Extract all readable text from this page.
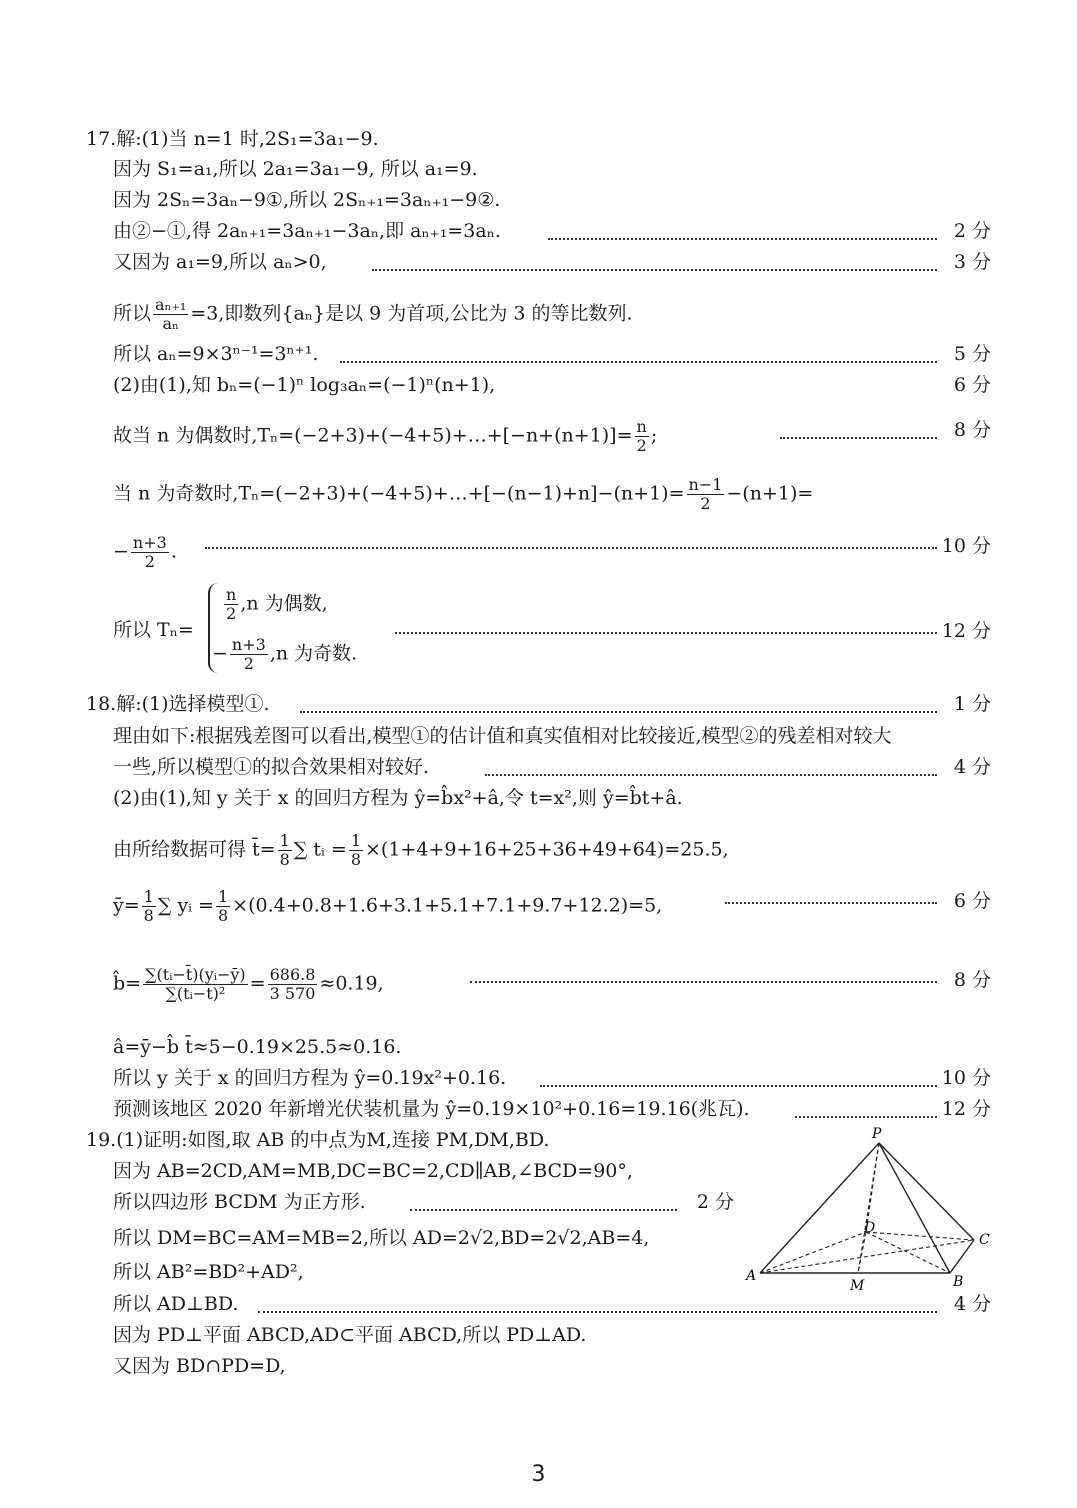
17.解:(1)当 n=1 时,2S₁=3a₁−9.
因为 S₁=a₁,所以 2a₁=3a₁−9, 所以 a₁=9.
因为 2Sₙ=3aₙ−9①,所以 2Sₙ₊₁=3aₙ₊₁−9②.
由②−①,得 2aₙ₊₁=3aₙ₊₁−3aₙ,即 aₙ₊₁=3aₙ.	2 分
又因为 a₁=9,所以 aₙ>0,	3 分
所以 $\frac{\text{aₙ₊₁}}{\text{aₙ}} =3$,即数列{aₙ}是以 9 为首项,公比为 3 的等比数列.
所以 aₙ=9×3ⁿ⁻¹=3ⁿ⁺¹.	5 分
(2)由(1),知 bₙ=(−1)ⁿ log₃aₙ=(−1)ⁿ(n+1),	6 分
故当 n 为偶数时,Tₙ=(−2+3)+(−4+5)+…+[−n+(n+1)]= $\frac{n}{2}$ ;	8 分
当 n 为奇数时,Tₙ=(−2+3)+(−4+5)+…+[−(n−1)+n]−(n+1)= $\frac{n-1}{2} -(n+1)=$
− $\frac{n+3}{2}$ .	10 分
所以 Tₙ=
$\frac{n}{2} ,n$ 为偶数,
− $\frac{n+3}{2} ,n$ 为奇数.
12 分
18.解:(1)选择模型①.	1 分
理由如下:根据残差图可以看出,模型①的估计值和真实值相对比较接近,模型②的残差相对较大
一些,所以模型①的拟合效果相对较好.	4 分
(2)由(1),知 y 关于 x 的回归方程为 ŷ=b̂x²+â,令 t=x²,则 ŷ=b̂t+â.
由所给数据可得 t̄= $\frac{1}{8}$ ∑ tᵢ = $\frac{1}{8} \times(1+4+9+16+25+36+49+64)=25.5$,
ȳ= $\frac{1}{8}$ ∑ yᵢ = $\frac{1}{8} \times(0.4+0.8+1.6+3.1+5.1+7.1+9.7+12.2)=5$,	6 分
b̂= $\frac{\text{∑(tᵢ−t̄)(yᵢ−ȳ)}}{\text{∑(tᵢ−t̄)²}} = \frac{686.8}{3 570} \approx 0.19$,	8 分
â=ȳ−b̂ t̄≈5−0.19×25.5≈0.16.
所以 y 关于 x 的回归方程为 ŷ=0.19x²+0.16.	10 分
预测该地区 2020 年新增光伏装机量为 ŷ=0.19×10²+0.16=19.16(兆瓦).	12 分
19.(1)证明:如图,取 AB 的中点为M,连接 PM,DM,BD.
因为 AB=2CD,AM=MB,DC=BC=2,CD∥AB,∠BCD=90°,
所以四边形 BCDM 为正方形.	2 分
所以 DM=BC=AM=MB=2,所以 AD=2√2,BD=2√2,AB=4,
所以 AB²=BD²+AD²,
所以 AD⊥BD.	4 分
因为 PD⊥平面 ABCD,AD⊂平面 ABCD,所以 PD⊥AD.
又因为 BD∩PD=D,
P
A	B
C
D
M
3
